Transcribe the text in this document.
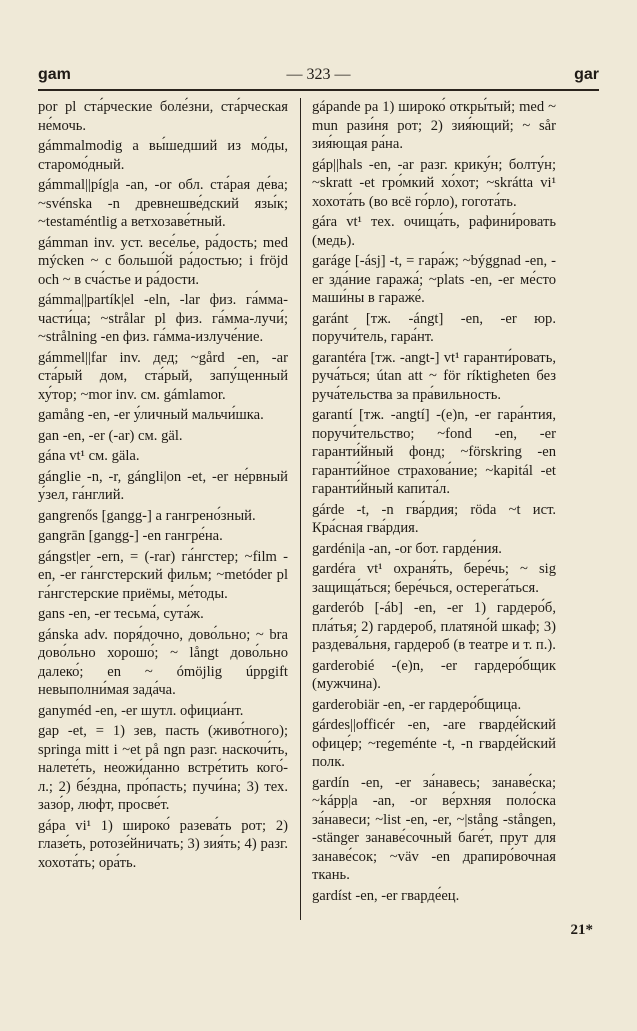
gam	— 323 —	gar

por pl ста́рческие боле́зни, ста́рческая не́мочь.

gámmalmodig a вы́шедший из мо́ды, старомо́дный.

gámmal||píg|a -an, -or обл. ста́рая де́ва; ~svénska -n древнешве́дский язы́к; ~testaméntlig a ветхозаве́тный.

gámman inv. уст. весе́лье, ра́дость; med mýcken ~ с большо́й ра́достью; i fröjd och ~ в сча́стье и ра́дости.

gámma||partík|el -eln, -lar физ. га́мма-части́ца; ~strålar pl физ. га́мма-лучи́; ~strålning -en физ. га́мма-излуче́ние.

gámmel||far inv. дед; ~gård -en, -ar ста́рый дом, ста́рый, запу́щенный ху́тор; ~mor inv. см. gámlamor.

gamång -en, -er у́личный мальчи́шка.

gan -en, -er (-ar) см. gäl.

gána vt¹ см. gäla.

gánglie -n, -r, gángli|on -et, -er не́рвный у́зел, га́нглий.

gangrenős [gangg-] a гангрено́зный.

gangrān [gangg-] -en гангре́на.

gángst|er -ern, = (-rar) га́нгстер; ~film -en, -er га́нгстерский фильм; ~metóder pl га́нгстерские приёмы, ме́тоды.

gans -en, -er тесьма́, сута́ж.

gánska adv. поря́дочно, дово́льно; ~ bra дово́льно хорошо́; ~ långt дово́льно далеко́; en ~ ómöjlig úppgift невыполни́мая зада́ча.

ganyméd -en, -er шутл. официа́нт.

gap -et, = 1) зев, пасть (живо́тного); springa mitt i ~et på ngn разг. наскочи́ть, налете́ть, неожи́данно встре́тить кого́-л.; 2) бе́здна, про́пасть; пучи́на; 3) тех. зазо́р, люфт, просве́т.

gápa vi¹ 1) широко́ разева́ть рот; 2) глазе́ть, ротозе́йничать; 3) зия́ть; 4) разг. хохота́ть; ора́ть.

gápande pa 1) широко́ откры́тый; med ~ mun рази́ня рот; 2) зия́ющий; ~ sår зия́ющая ра́на.

gáp||hals -en, -ar разг. крику́н; болту́н; ~skratt -et гро́мкий хо́хот; ~skrátta vi¹ хохота́ть (во всё го́рло), гогота́ть.

gára vt¹ тех. очища́ть, рафини́ровать (медь).

garáge [-ásj] -t, = гара́ж; ~býggnad -en, -er зда́ние гаража́; ~plats -en, -er ме́сто маши́ны в гараже́.

garánt [тж. -ángt] -en, -er юр. поручи́тель, гара́нт.

garantéra [тж. -angt-] vt¹ гаранти́ровать, руча́ться; útan att ~ för ríktigheten без руча́тельства за пра́вильность.

garantí [тж. -angtí] -(e)n, -er гара́нтия, поручи́тельство; ~fond -en, -er гаранти́йный фонд; ~förskring -en гаранти́йное страхова́ние; ~kapitál -et гаранти́йный капита́л.

gárde -t, -n гва́рдия; röda ~t ист. Кра́сная гва́рдия.

gardéni|a -an, -or бот. гарде́ния.

gardéra vt¹ охраня́ть, бере́чь; ~ sig защища́ться; бере́чься, остерега́ться.

garderób [-áb] -en, -er 1) гардеро́б, пла́тья; 2) гардероб, платяно́й шкаф; 3) раздева́льня, гардероб (в театре и т. п.).

garderobié -(e)n, -er гардеро́бщик (мужчина).

garderobiär -en, -er гардеро́бщица.

gárdes||officér -en, -are гварде́йский офице́р; ~regeménte -t, -n гварде́йский полк.

gardín -en, -er за́навесь; занаве́ска; ~kápp|a -an, -or ве́рхняя поло́ска за́навеси; ~list -en, -er, ~|stång -stången, -stänger занаве́сочный баге́т, прут для занаве́сок; ~väv -en драпиро́вочная ткань.

gardíst -en, -er гварде́ец.

21*
